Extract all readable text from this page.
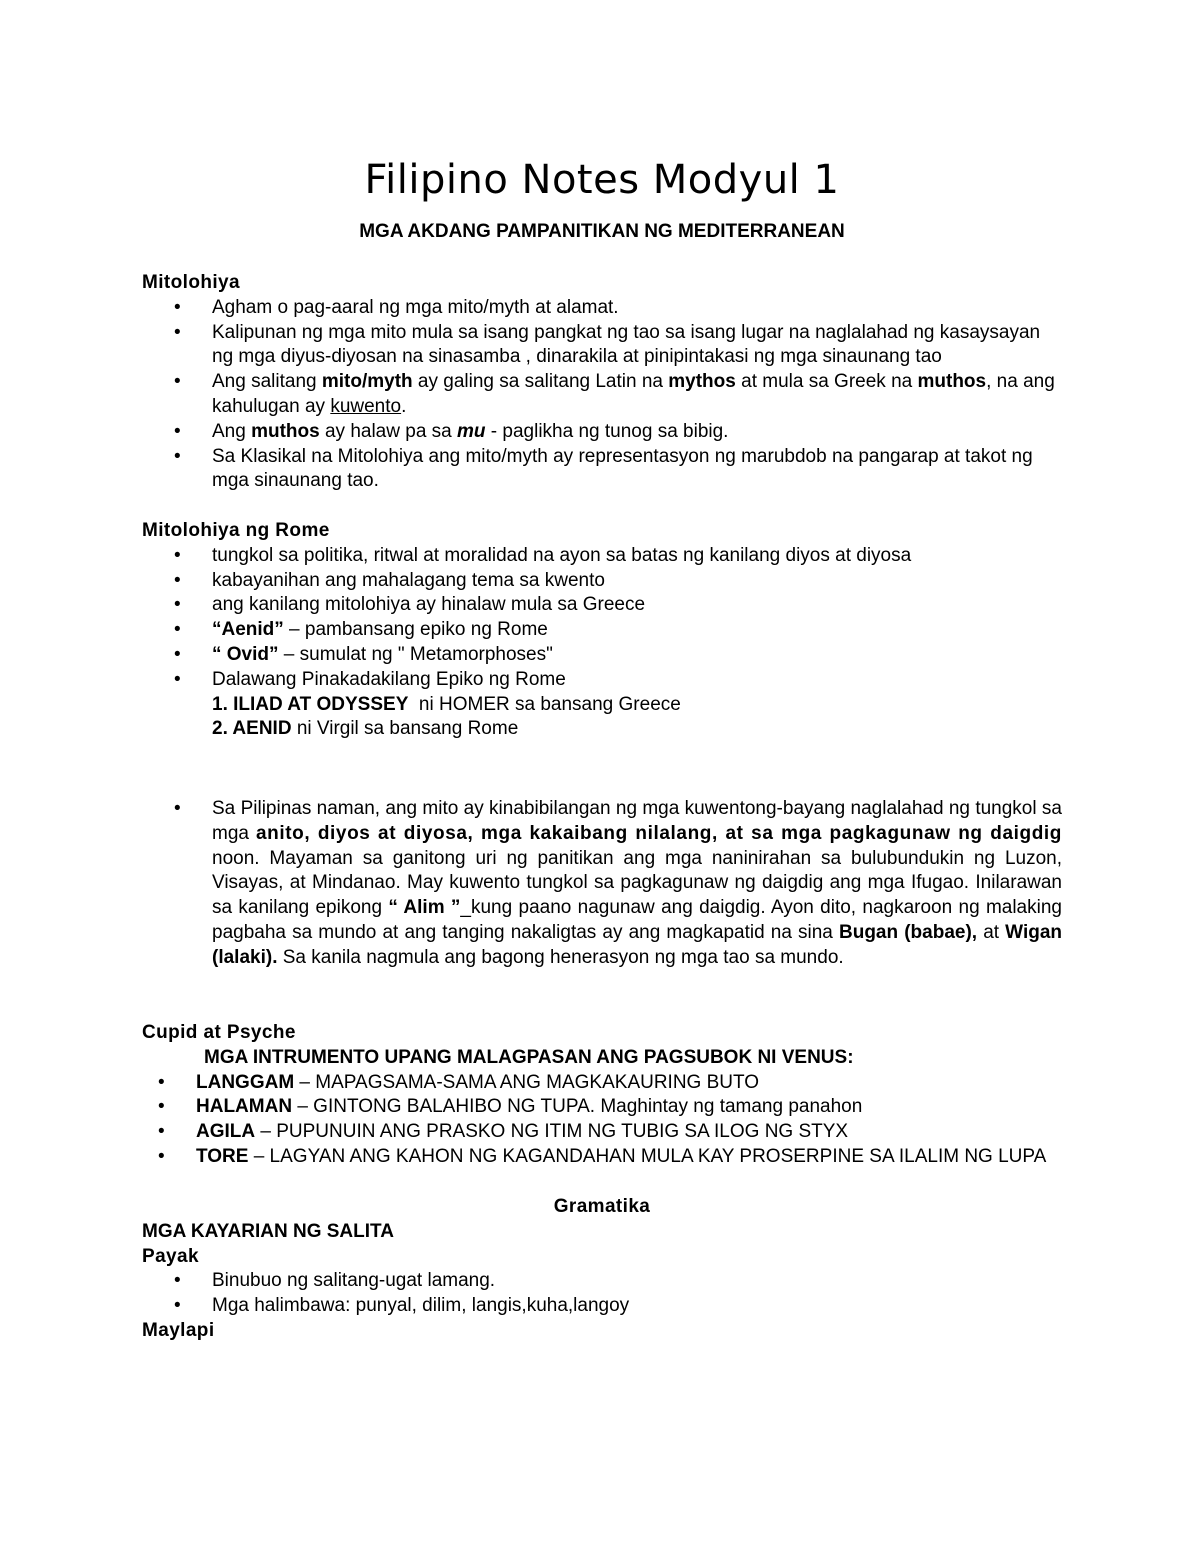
Filipino Notes Modyul 1
MGA AKDANG PAMPANITIKAN NG MEDITERRANEAN
Mitolohiya
• Agham o pag-aaral ng mga mito/myth at alamat.
• Kalipunan ng mga mito mula sa isang pangkat ng tao sa isang lugar na naglalahad ng kasaysayan ng mga diyus-diyosan na sinasamba , dinarakila at pinipintakasi ng mga sinaunang tao
• Ang salitang mito/myth ay galing sa salitang Latin na mythos at mula sa Greek na muthos, na ang kahulugan ay kuwento.
• Ang muthos ay halaw pa sa mu - paglikha ng tunog sa bibig.
• Sa Klasikal na Mitolohiya ang mito/myth ay representasyon ng marubdob na pangarap at takot ng mga sinaunang tao.
Mitolohiya ng Rome
• tungkol sa politika, ritwal at moralidad na ayon sa batas ng kanilang diyos at diyosa
• kabayanihan ang mahalagang tema sa kwento
• ang kanilang mitolohiya ay hinalaw mula sa Greece
• “Aenid” – pambansang epiko ng Rome
• “ Ovid” – sumulat ng " Metamorphoses"
• Dalawang Pinakadakilang Epiko ng Rome
1. ILIAD AT ODYSSEY  ni HOMER sa bansang Greece
2. AENID ni Virgil sa bansang Rome
• Sa Pilipinas naman, ang mito ay kinabibilangan ng mga kuwentong-bayang naglalahad ng tungkol sa mga anito, diyos at diyosa, mga kakaibang nilalang, at sa mga pagkagunaw ng daigdig noon. Mayaman sa ganitong uri ng panitikan ang mga naninirahan sa bulubundukin ng Luzon, Visayas, at Mindanao. May kuwento tungkol sa pagkagunaw ng daigdig ang mga Ifugao. Inilarawan sa kanilang epikong “ Alim ”_kung paano nagunaw ang daigdig. Ayon dito, nagkaroon ng malaking pagbaha sa mundo at ang tanging nakaligtas ay ang magkapatid na sina Bugan (babae), at Wigan (lalaki). Sa kanila nagmula ang bagong henerasyon ng mga tao sa mundo.
Cupid at Psyche
MGA INTRUMENTO UPANG MALAGPASAN ANG PAGSUBOK NI VENUS:
• LANGGAM – MAPAGSAMA-SAMA ANG MAGKAKAURING BUTO
• HALAMAN – GINTONG BALAHIBO NG TUPA. Maghintay ng tamang panahon
• AGILA – PUPUNUIN ANG PRASKO NG ITIM NG TUBIG SA ILOG NG STYX
• TORE – LAGYAN ANG KAHON NG KAGANDAHAN MULA KAY PROSERPINE SA ILALIM NG LUPA
Gramatika
MGA KAYARIAN NG SALITA
Payak
• Binubuo ng salitang-ugat lamang.
• Mga halimbawa: punyal, dilim, langis,kuha,langoy
Maylapi
